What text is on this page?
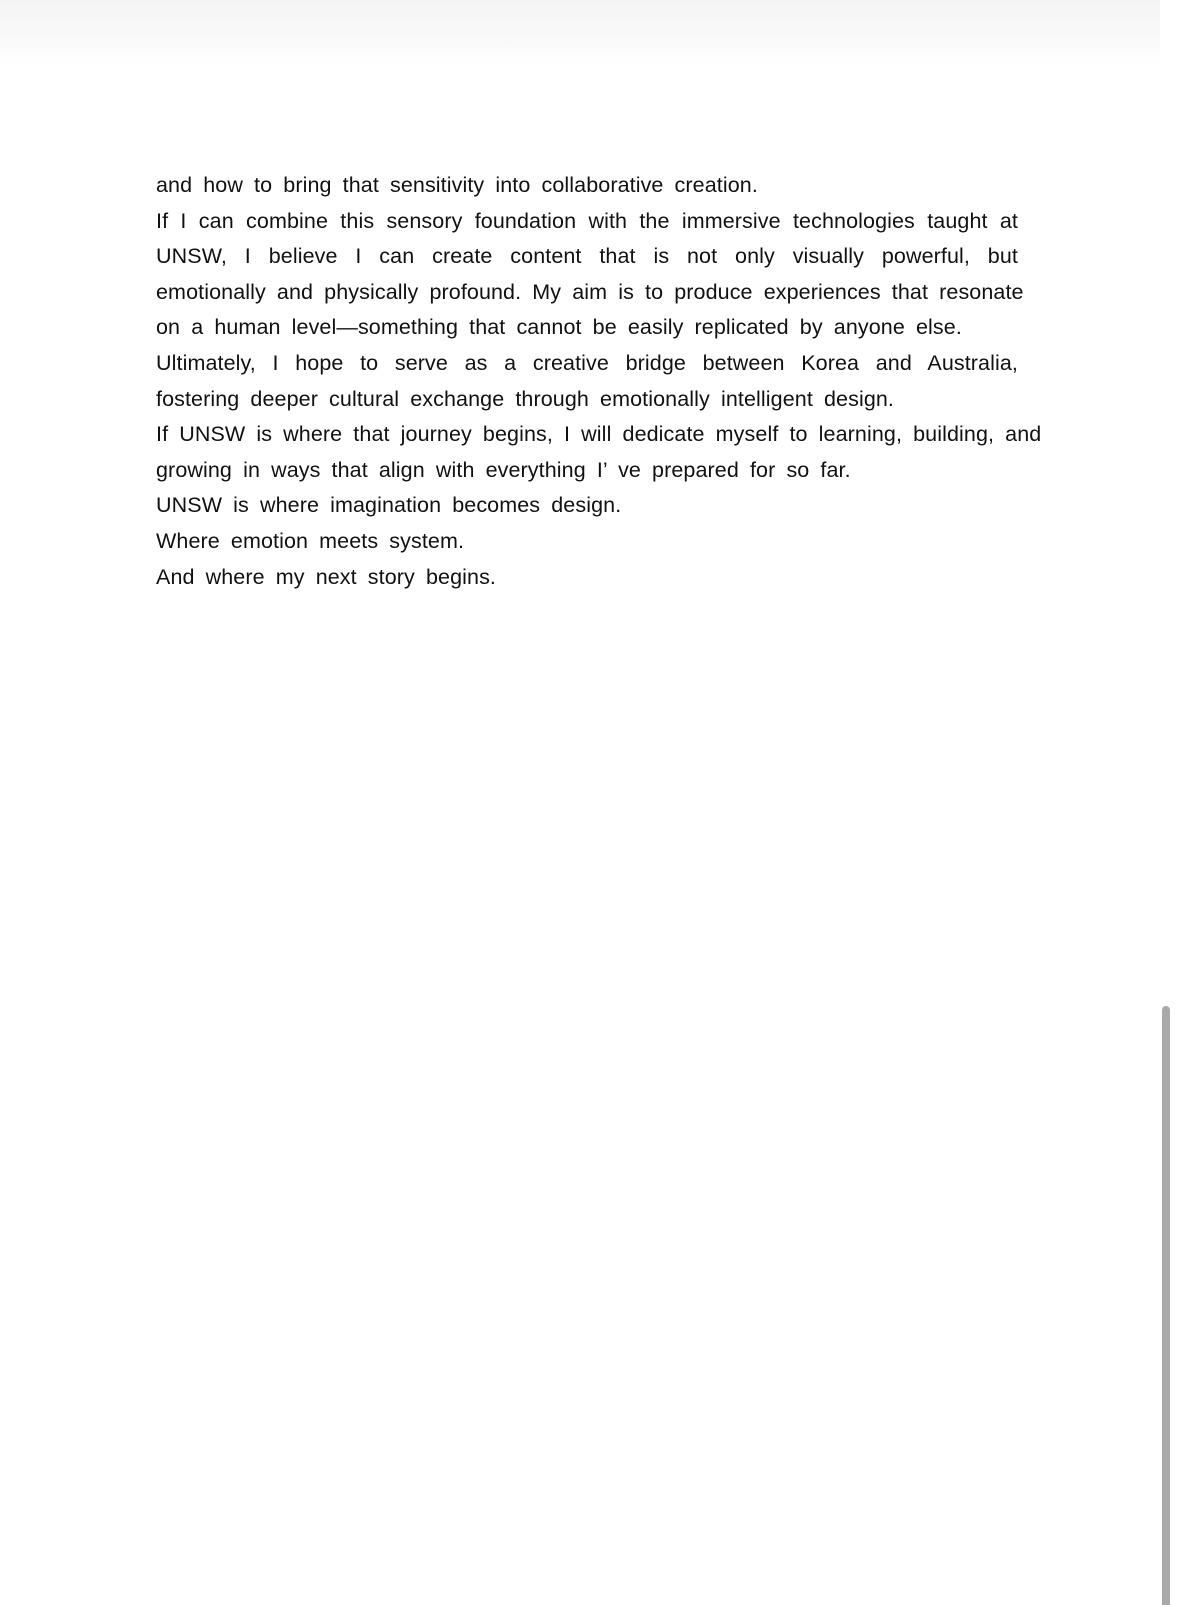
and how to bring that sensitivity into collaborative creation.
If I can combine this sensory foundation with the immersive technologies taught at
UNSW, I believe I can create content that is not only visually powerful, but
emotionally and physically profound. My aim is to produce experiences that resonate
on a human level—something that cannot be easily replicated by anyone else.
Ultimately, I hope to serve as a creative bridge between Korea and Australia,
fostering deeper cultural exchange through emotionally intelligent design.
If UNSW is where that journey begins, I will dedicate myself to learning, building, and
growing in ways that align with everything I’ ve prepared for so far.
UNSW is where imagination becomes design.
Where emotion meets system.
And where my next story begins.
